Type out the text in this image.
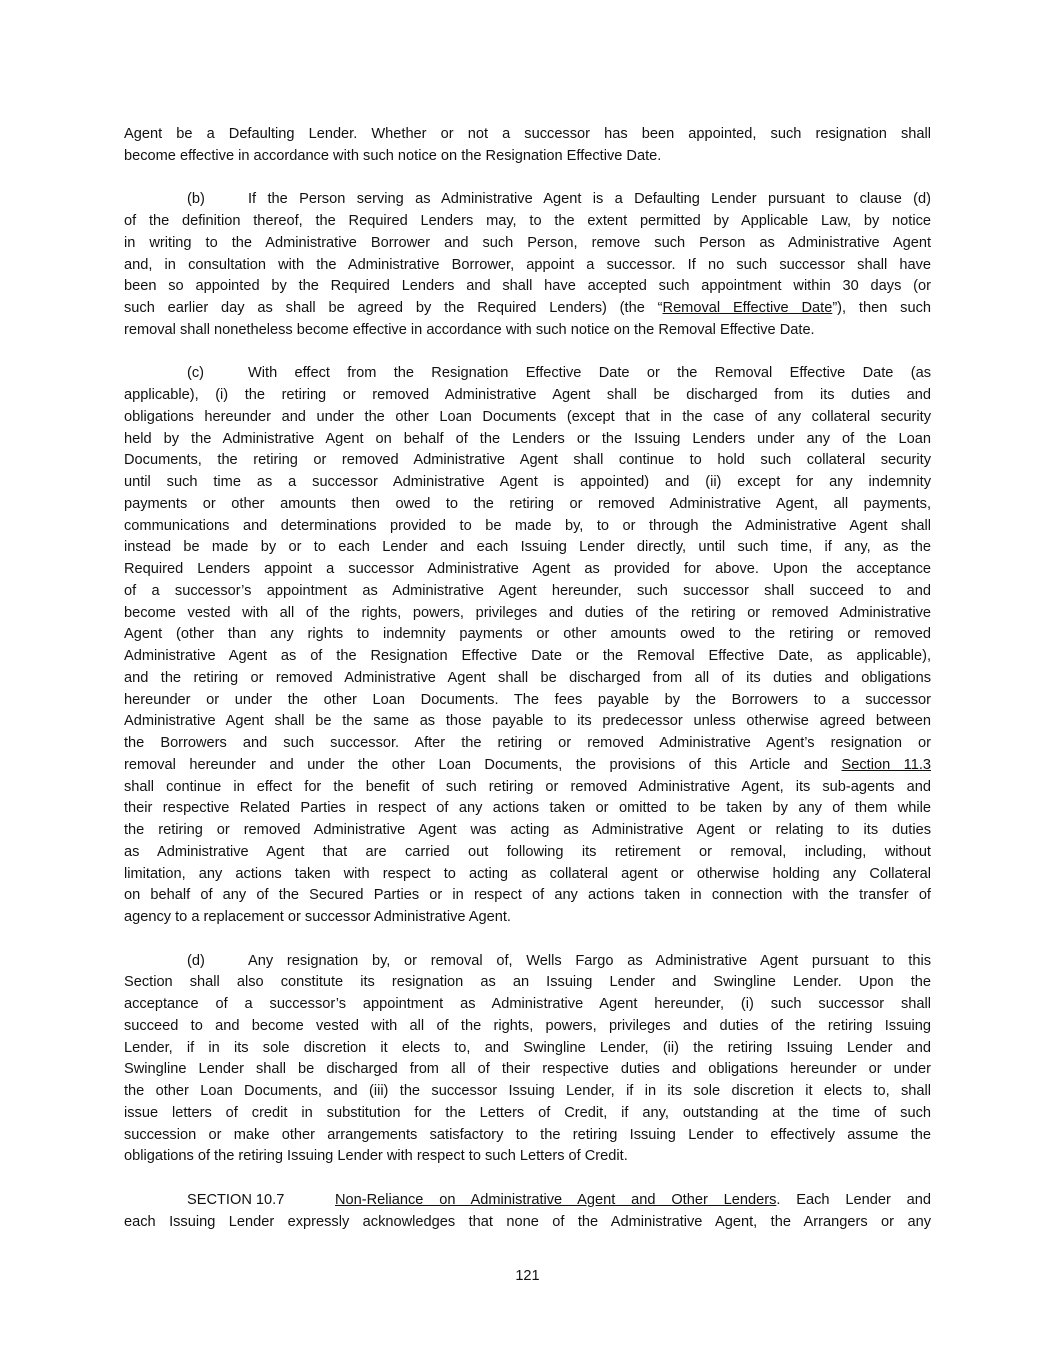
Agent be a Defaulting Lender. Whether or not a successor has been appointed, such resignation shall
become effective in accordance with such notice on the Resignation Effective Date.
(b)	If the Person serving as Administrative Agent is a Defaulting Lender pursuant to clause (d)
of the definition thereof, the Required Lenders may, to the extent permitted by Applicable Law, by notice
in writing to the Administrative Borrower and such Person, remove such Person as Administrative Agent
and, in consultation with the Administrative Borrower, appoint a successor. If no such successor shall have
been so appointed by the Required Lenders and shall have accepted such appointment within 30 days (or
such earlier day as shall be agreed by the Required Lenders) (the “Removal Effective Date”), then such
removal shall nonetheless become effective in accordance with such notice on the Removal Effective Date.
(c)	With effect from the Resignation Effective Date or the Removal Effective Date (as
applicable), (i) the retiring or removed Administrative Agent shall be discharged from its duties and
obligations hereunder and under the other Loan Documents (except that in the case of any collateral security
held by the Administrative Agent on behalf of the Lenders or the Issuing Lenders under any of the Loan
Documents, the retiring or removed Administrative Agent shall continue to hold such collateral security
until such time as a successor Administrative Agent is appointed) and (ii) except for any indemnity
payments or other amounts then owed to the retiring or removed Administrative Agent, all payments,
communications and determinations provided to be made by, to or through the Administrative Agent shall
instead be made by or to each Lender and each Issuing Lender directly, until such time, if any, as the
Required Lenders appoint a successor Administrative Agent as provided for above. Upon the acceptance
of a successor’s appointment as Administrative Agent hereunder, such successor shall succeed to and
become vested with all of the rights, powers, privileges and duties of the retiring or removed Administrative
Agent (other than any rights to indemnity payments or other amounts owed to the retiring or removed
Administrative Agent as of the Resignation Effective Date or the Removal Effective Date, as applicable),
and the retiring or removed Administrative Agent shall be discharged from all of its duties and obligations
hereunder or under the other Loan Documents. The fees payable by the Borrowers to a successor
Administrative Agent shall be the same as those payable to its predecessor unless otherwise agreed between
the Borrowers and such successor. After the retiring or removed Administrative Agent’s resignation or
removal hereunder and under the other Loan Documents, the provisions of this Article and Section 11.3
shall continue in effect for the benefit of such retiring or removed Administrative Agent, its sub-agents and
their respective Related Parties in respect of any actions taken or omitted to be taken by any of them while
the retiring or removed Administrative Agent was acting as Administrative Agent or relating to its duties
as Administrative Agent that are carried out following its retirement or removal, including, without
limitation, any actions taken with respect to acting as collateral agent or otherwise holding any Collateral
on behalf of any of the Secured Parties or in respect of any actions taken in connection with the transfer of
agency to a replacement or successor Administrative Agent.
(d)	Any resignation by, or removal of, Wells Fargo as Administrative Agent pursuant to this
Section shall also constitute its resignation as an Issuing Lender and Swingline Lender. Upon the
acceptance of a successor’s appointment as Administrative Agent hereunder, (i) such successor shall
succeed to and become vested with all of the rights, powers, privileges and duties of the retiring Issuing
Lender, if in its sole discretion it elects to, and Swingline Lender, (ii) the retiring Issuing Lender and
Swingline Lender shall be discharged from all of their respective duties and obligations hereunder or under
the other Loan Documents, and (iii) the successor Issuing Lender, if in its sole discretion it elects to, shall
issue letters of credit in substitution for the Letters of Credit, if any, outstanding at the time of such
succession or make other arrangements satisfactory to the retiring Issuing Lender to effectively assume the
obligations of the retiring Issuing Lender with respect to such Letters of Credit.
SECTION 10.7	Non-Reliance on Administrative Agent and Other Lenders. Each Lender and
each Issuing Lender expressly acknowledges that none of the Administrative Agent, the Arrangers or any
121
